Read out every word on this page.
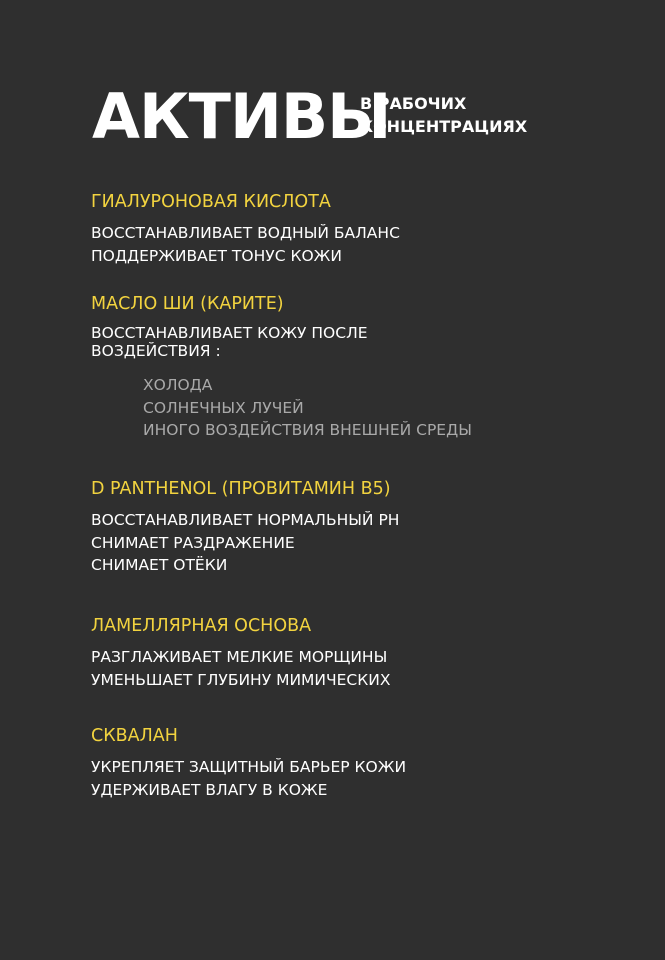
АКТИВЫ
В РАБОЧИХ
КОНЦЕНТРАЦИЯХ
ГИАЛУРОНОВАЯ КИСЛОТА
ВОССТАНАВЛИВАЕТ ВОДНЫЙ БАЛАНС
ПОДДЕРЖИВАЕТ ТОНУС КОЖИ
МАСЛО ШИ (КАРИТЕ)
ВОССТАНАВЛИВАЕТ КОЖУ ПОСЛЕ
ВОЗДЕЙСТВИЯ :
ХОЛОДА
СОЛНЕЧНЫХ ЛУЧЕЙ
ИНОГО ВОЗДЕЙСТВИЯ ВНЕШНЕЙ СРЕДЫ
D PANTHENOL (ПРОВИТАМИН B5)
ВОССТАНАВЛИВАЕТ НОРМАЛЬНЫЙ PH
СНИМАЕТ РАЗДРАЖЕНИЕ
СНИМАЕТ ОТЁКИ
ЛАМЕЛЛЯРНАЯ ОСНОВА
РАЗГЛАЖИВАЕТ МЕЛКИЕ МОРЩИНЫ
УМЕНЬШАЕТ ГЛУБИНУ МИМИЧЕСКИХ
СКВАЛАН
УКРЕПЛЯЕТ ЗАЩИТНЫЙ БАРЬЕР КОЖИ
УДЕРЖИВАЕТ ВЛАГУ В КОЖЕ
